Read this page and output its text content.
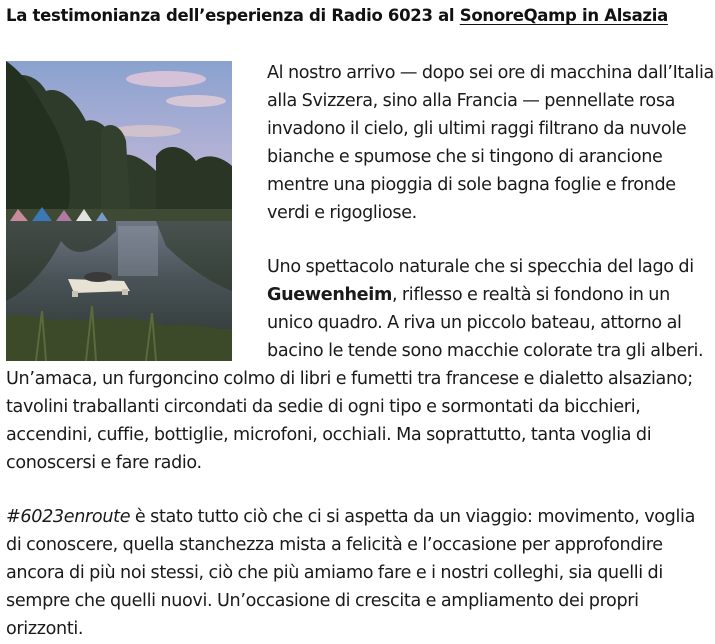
La testimonianza dell’esperienza di Radio 6023 al SonoreQamp in Alsazia

Al nostro arrivo — dopo sei ore di macchina dall’Italia alla Svizzera, sino alla Francia — pennellate rosa invadono il cielo, gli ultimi raggi filtrano da nuvole bianche e spumose che si tingono di arancione mentre una pioggia di sole bagna foglie e fronde verdi e rigogliose.

Uno spettacolo naturale che si specchia del lago di Guewenheim, riflesso e realtà si fondono in un unico quadro. A riva un piccolo bateau, attorno al bacino le tende sono macchie colorate tra gli alberi. Un’amaca, un furgoncino colmo di libri e fumetti tra francese e dialetto alsaziano; tavolini traballanti circondati da sedie di ogni tipo e sormontati da bicchieri, accendini, cuffie, bottiglie, microfoni, occhiali. Ma soprattutto, tanta voglia di conoscersi e fare radio.

#6023enroute è stato tutto ciò che ci si aspetta da un viaggio: movimento, voglia di conoscere, quella stanchezza mista a felicità e l’occasione per approfondire ancora di più noi stessi, ciò che più amiamo fare e i nostri colleghi, sia quelli di sempre che quelli nuovi. Un’occasione di crescita e ampliamento dei propri orizzonti.
